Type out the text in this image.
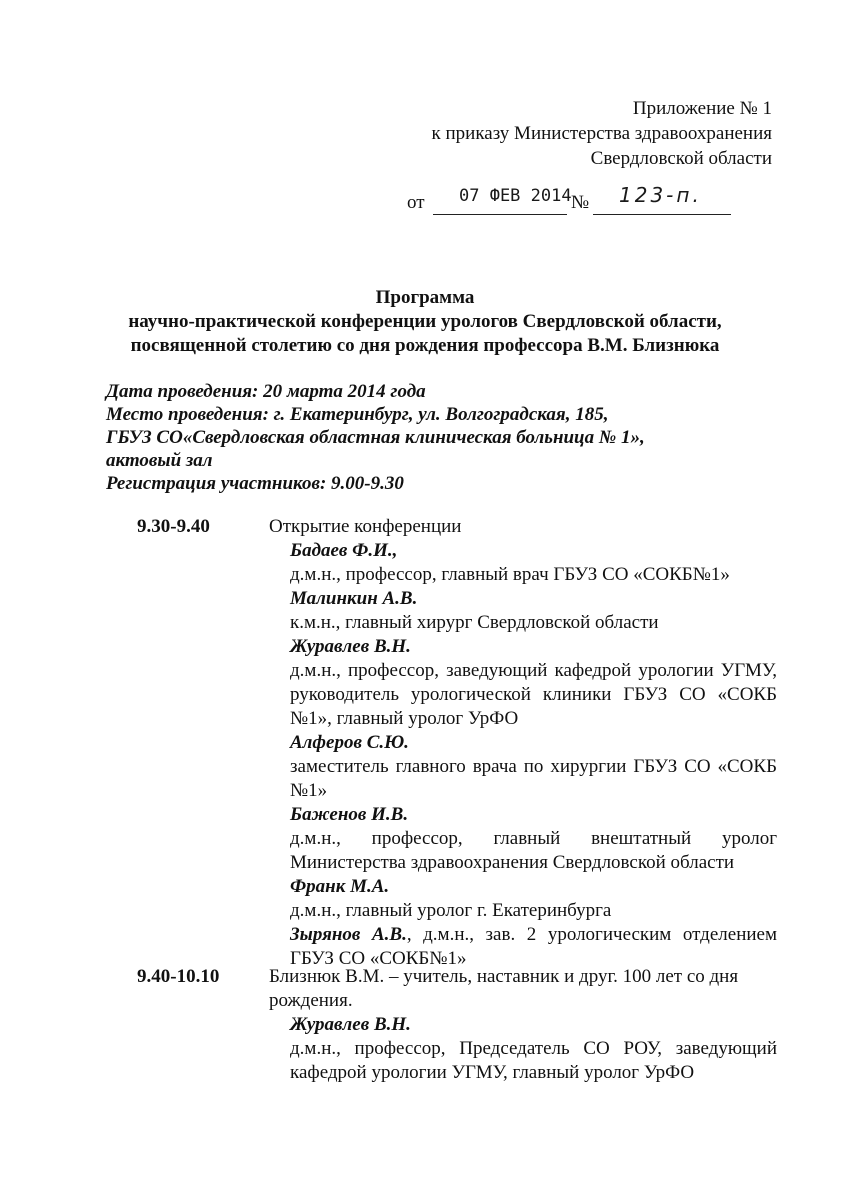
Приложение № 1
к приказу Министерства здравоохранения
Свердловской области
от 07 ФЕВ 2014 № 123-п.
Программа
научно-практической конференции урологов Свердловской области,
посвященной столетию со дня рождения профессора В.М. Близнюка
Дата проведения: 20 марта 2014 года
Место проведения: г. Екатеринбург, ул. Волгоградская, 185,
ГБУЗ СО«Свердловская областная клиническая больница № 1»,
актовый зал
Регистрация участников: 9.00-9.30
9.30-9.40	Открытие конференции
Бадаев Ф.И.,
д.м.н., профессор, главный врач ГБУЗ СО «СОКБ№1»
Малинкин А.В.
к.м.н., главный хирург Свердловской области
Журавлев В.Н.
д.м.н., профессор, заведующий кафедрой урологии УГМУ, руководитель урологической клиники ГБУЗ СО «СОКБ №1», главный уролог УрФО
Алферов С.Ю.
заместитель главного врача по хирургии ГБУЗ СО «СОКБ №1»
Баженов И.В.
д.м.н., профессор, главный внештатный уролог Министерства здравоохранения Свердловской области
Франк М.А.
д.м.н., главный уролог г. Екатеринбурга
Зырянов А.В., д.м.н., зав. 2 урологическим отделением ГБУЗ СО «СОКБ№1»
9.40-10.10	Близнюк В.М. – учитель, наставник и друг. 100 лет со дня рождения.
Журавлев В.Н.
д.м.н., профессор, Председатель СО РОУ, заведующий кафедрой урологии УГМУ, главный уролог УрФО
